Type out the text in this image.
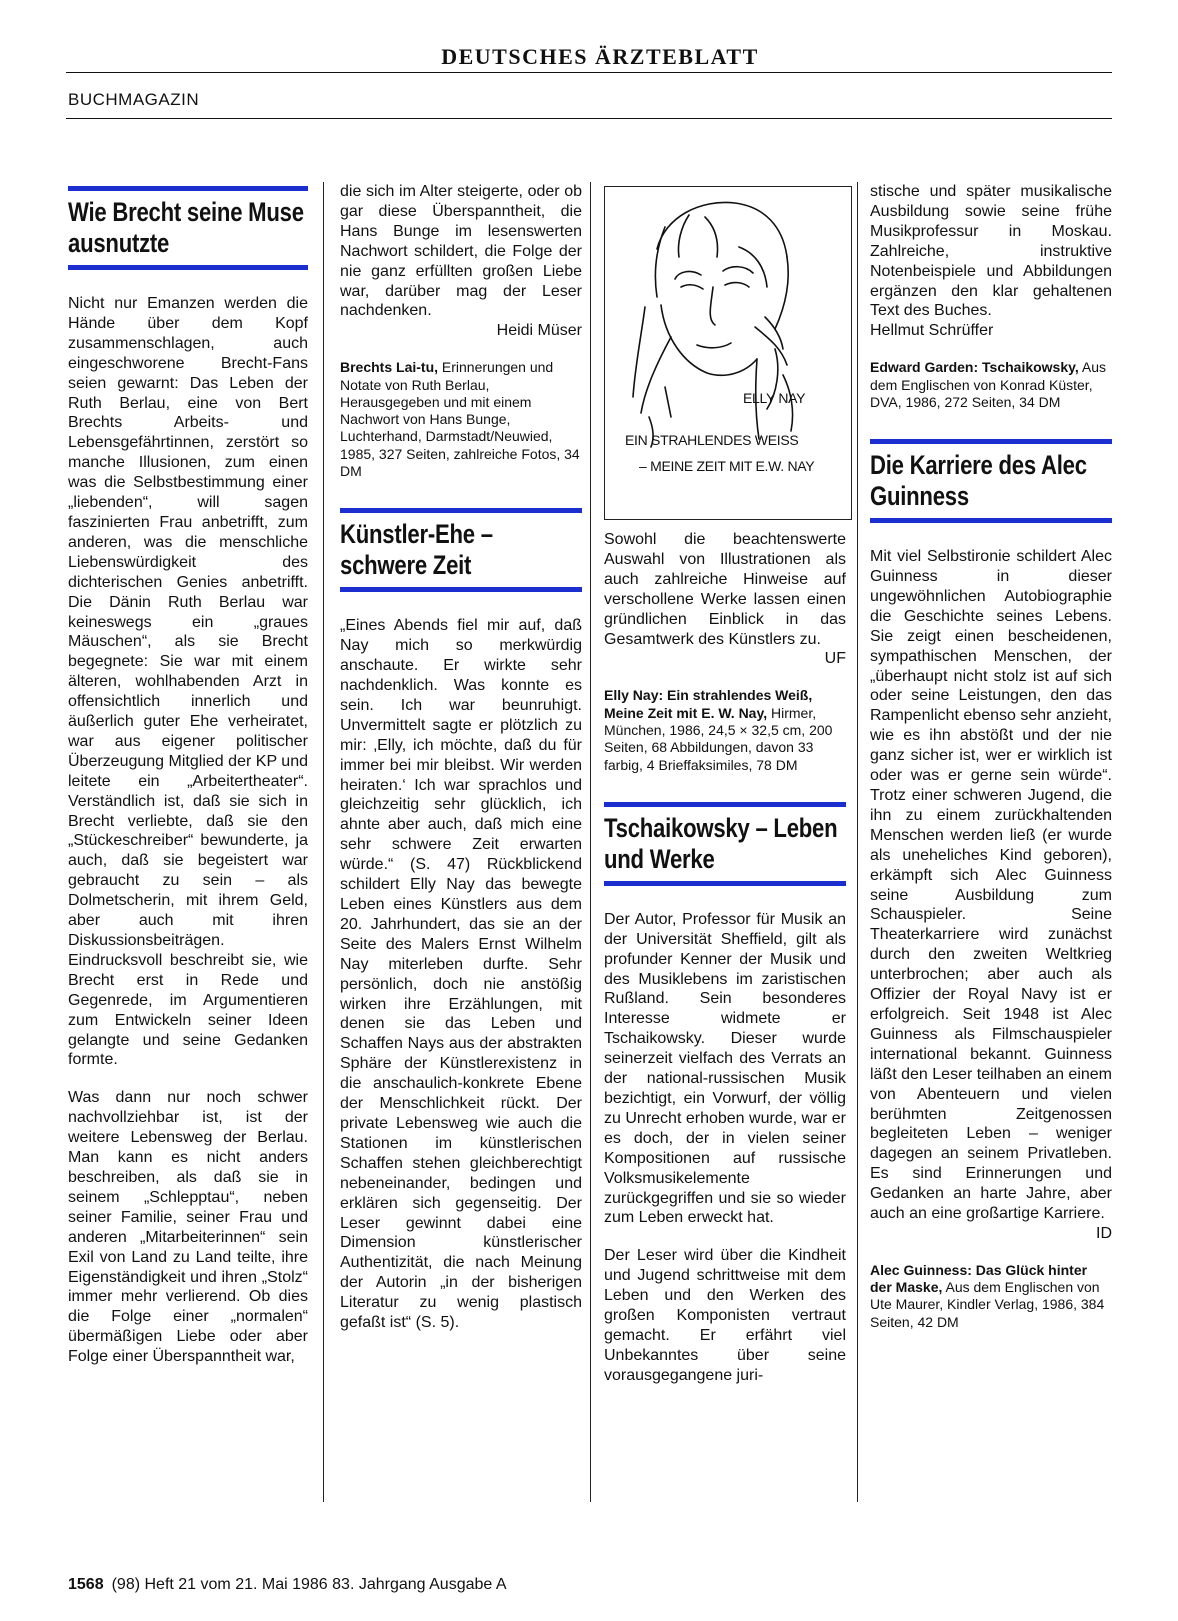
DEUTSCHES ÄRZTEBLATT
BUCHMAGAZIN
Wie Brecht seine Muse ausnutzte

Nicht nur Emanzen werden die Hände über dem Kopf zusammenschlagen, auch eingeschworene Brecht-Fans seien gewarnt: Das Leben der Ruth Berlau, eine von Bert Brechts Arbeits- und Lebensgefährtinnen, zerstört so manche Illusionen, zum einen was die Selbstbestimmung einer „liebenden“, will sagen faszinierten Frau anbetrifft, zum anderen, was die menschliche Liebenswürdigkeit des dichterischen Genies anbetrifft. Die Dänin Ruth Berlau war keineswegs ein „graues Mäuschen“, als sie Brecht begegnete: Sie war mit einem älteren, wohlhabenden Arzt in offensichtlich innerlich und äußerlich guter Ehe verheiratet, war aus eigener politischer Überzeugung Mitglied der KP und leitete ein „Arbeitertheater“. Verständlich ist, daß sie sich in Brecht verliebte, daß sie den „Stückeschreiber“ bewunderte, ja auch, daß sie begeistert war gebraucht zu sein – als Dolmetscherin, mit ihrem Geld, aber auch mit ihren Diskussionsbeiträgen. Eindrucksvoll beschreibt sie, wie Brecht erst in Rede und Gegenrede, im Argumentieren zum Entwickeln seiner Ideen gelangte und seine Gedanken formte.

Was dann nur noch schwer nachvollziehbar ist, ist der weitere Lebensweg der Berlau. Man kann es nicht anders beschreiben, als daß sie in seinem „Schlepptau“, neben seiner Familie, seiner Frau und anderen „Mitarbeiterinnen“ sein Exil von Land zu Land teilte, ihre Eigenständigkeit und ihren „Stolz“ immer mehr verlierend. Ob dies die Folge einer „normalen“ übermäßigen Liebe oder aber Folge einer Überspanntheit war,

die sich im Alter steigerte, oder ob gar diese Überspanntheit, die Hans Bunge im lesenswerten Nachwort schildert, die Folge der nie ganz erfüllten großen Liebe war, darüber mag der Leser nachdenken.

Heidi Müser
Brechts Lai-tu, Erinnerungen und Notate von Ruth Berlau, Herausgegeben und mit einem Nachwort von Hans Bunge, Luchterhand, Darmstadt/Neuwied, 1985, 327 Seiten, zahlreiche Fotos, 34 DM
Künstler-Ehe – schwere Zeit

„Eines Abends fiel mir auf, daß Nay mich so merkwürdig anschaute. Er wirkte sehr nachdenklich. Was konnte es sein. Ich war beunruhigt. Unvermittelt sagte er plötzlich zu mir: ‚Elly, ich möchte, daß du für immer bei mir bleibst. Wir werden heiraten.‘ Ich war sprachlos und gleichzeitig sehr glücklich, ich ahnte aber auch, daß mich eine sehr schwere Zeit erwarten würde.“ (S. 47) Rückblickend schildert Elly Nay das bewegte Leben eines Künstlers aus dem 20. Jahrhundert, das sie an der Seite des Malers Ernst Wilhelm Nay miterleben durfte. Sehr persönlich, doch nie anstößig wirken ihre Erzählungen, mit denen sie das Leben und Schaffen Nays aus der abstrakten Sphäre der Künstlerexistenz in die anschaulich-konkrete Ebene der Menschlichkeit rückt. Der private Lebensweg wie auch die Stationen im künstlerischen Schaffen stehen gleichberechtigt nebeneinander, bedingen und erklären sich gegenseitig. Der Leser gewinnt dabei eine Dimension künstlerischer Authentizität, die nach Meinung der Autorin „in der bisherigen Literatur zu wenig plastisch gefaßt ist“ (S. 5).

ELLY NAY
EIN STRAHLENDES WEISS
– MEINE ZEIT MIT E.W. NAY

Sowohl die beachtenswerte Auswahl von Illustrationen als auch zahlreiche Hinweise auf verschollene Werke lassen einen gründlichen Einblick in das Gesamtwerk des Künstlers zu.

UF
Elly Nay: Ein strahlendes Weiß, Meine Zeit mit E. W. Nay, Hirmer, München, 1986, 24,5 × 32,5 cm, 200 Seiten, 68 Abbildungen, davon 33 farbig, 4 Brieffaksimiles, 78 DM
Tschaikowsky – Leben und Werke

Der Autor, Professor für Musik an der Universität Sheffield, gilt als profunder Kenner der Musik und des Musiklebens im zaristischen Rußland. Sein besonderes Interesse widmete er Tschaikowsky. Dieser wurde seinerzeit vielfach des Verrats an der national-russischen Musik bezichtigt, ein Vorwurf, der völlig zu Unrecht erhoben wurde, war er es doch, der in vielen seiner Kompositionen auf russische Volksmusikelemente zurückgegriffen und sie so wieder zum Leben erweckt hat.

Der Leser wird über die Kindheit und Jugend schrittweise mit dem Leben und den Werken des großen Komponisten vertraut gemacht. Er erfährt viel Unbekanntes über seine vorausgegangene juri-

stische und später musikalische Ausbildung sowie seine frühe Musikprofessur in Moskau. Zahlreiche, instruktive Notenbeispiele und Abbildungen ergänzen den klar gehaltenen Text des Buches.

Hellmut Schrüffer
Edward Garden: Tschaikowsky, Aus dem Englischen von Konrad Küster, DVA, 1986, 272 Seiten, 34 DM
Die Karriere des Alec Guinness

Mit viel Selbstironie schildert Alec Guinness in dieser ungewöhnlichen Autobiographie die Geschichte seines Lebens. Sie zeigt einen bescheidenen, sympathischen Menschen, der „überhaupt nicht stolz ist auf sich oder seine Leistungen, den das Rampenlicht ebenso sehr anzieht, wie es ihn abstößt und der nie ganz sicher ist, wer er wirklich ist oder was er gerne sein würde“. Trotz einer schweren Jugend, die ihn zu einem zurückhaltenden Menschen werden ließ (er wurde als uneheliches Kind geboren), erkämpft sich Alec Guinness seine Ausbildung zum Schauspieler. Seine Theaterkarriere wird zunächst durch den zweiten Weltkrieg unterbrochen; aber auch als Offizier der Royal Navy ist er erfolgreich. Seit 1948 ist Alec Guinness als Filmschauspieler international bekannt. Guinness läßt den Leser teilhaben an einem von Abenteuern und vielen berühmten Zeitgenossen begleiteten Leben – weniger dagegen an seinem Privatleben. Es sind Erinnerungen und Gedanken an harte Jahre, aber auch an eine großartige Karriere.

ID
Alec Guinness: Das Glück hinter der Maske, Aus dem Englischen von Ute Maurer, Kindler Verlag, 1986, 384 Seiten, 42 DM
1568 (98) Heft 21 vom 21. Mai 1986 83. Jahrgang Ausgabe A
